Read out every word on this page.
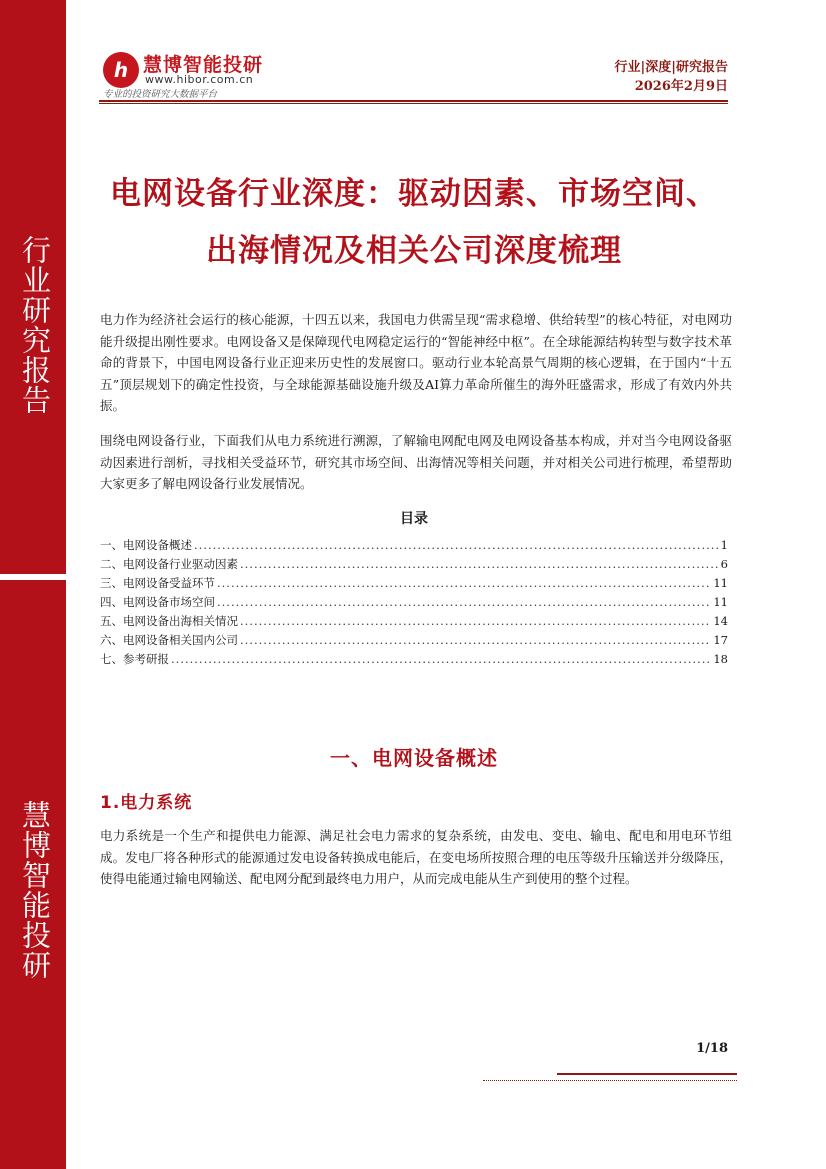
行业研究报告
慧博智能投研
h 慧博智能投研
www.hibor.com.cn
专业的投资研究大数据平台
行业|深度|研究报告
2026年2月9日
电网设备行业深度：驱动因素、市场空间、
出海情况及相关公司深度梳理
电力作为经济社会运行的核心能源，十四五以来，我国电力供需呈现“需求稳增、供给转型”的核心特征，对电网功能升级提出刚性要求。电网设备又是保障现代电网稳定运行的“智能神经中枢”。在全球能源结构转型与数字技术革命的背景下，中国电网设备行业正迎来历史性的发展窗口。驱动行业本轮高景气周期的核心逻辑，在于国内“十五五”顶层规划下的确定性投资，与全球能源基础设施升级及AI算力革命所催生的海外旺盛需求，形成了有效内外共振。
围绕电网设备行业，下面我们从电力系统进行溯源，了解输电网配电网及电网设备基本构成，并对当今电网设备驱动因素进行剖析，寻找相关受益环节，研究其市场空间、出海情况等相关问题，并对相关公司进行梳理，希望帮助大家更多了解电网设备行业发展情况。
目录
一、电网设备概述 .....	1
二、电网设备行业驱动因素 .....	6
三、电网设备受益环节 .....	11
四、电网设备市场空间 .....	11
五、电网设备出海相关情况 .....	14
六、电网设备相关国内公司 .....	17
七、参考研报 .....	18
一、电网设备概述
1.电力系统
电力系统是一个生产和提供电力能源、满足社会电力需求的复杂系统，由发电、变电、输电、配电和用电环节组成。发电厂将各种形式的能源通过发电设备转换成电能后，在变电场所按照合理的电压等级升压输送并分级降压，使得电能通过输电网输送、配电网分配到最终电力用户，从而完成电能从生产到使用的整个过程。
1/18
